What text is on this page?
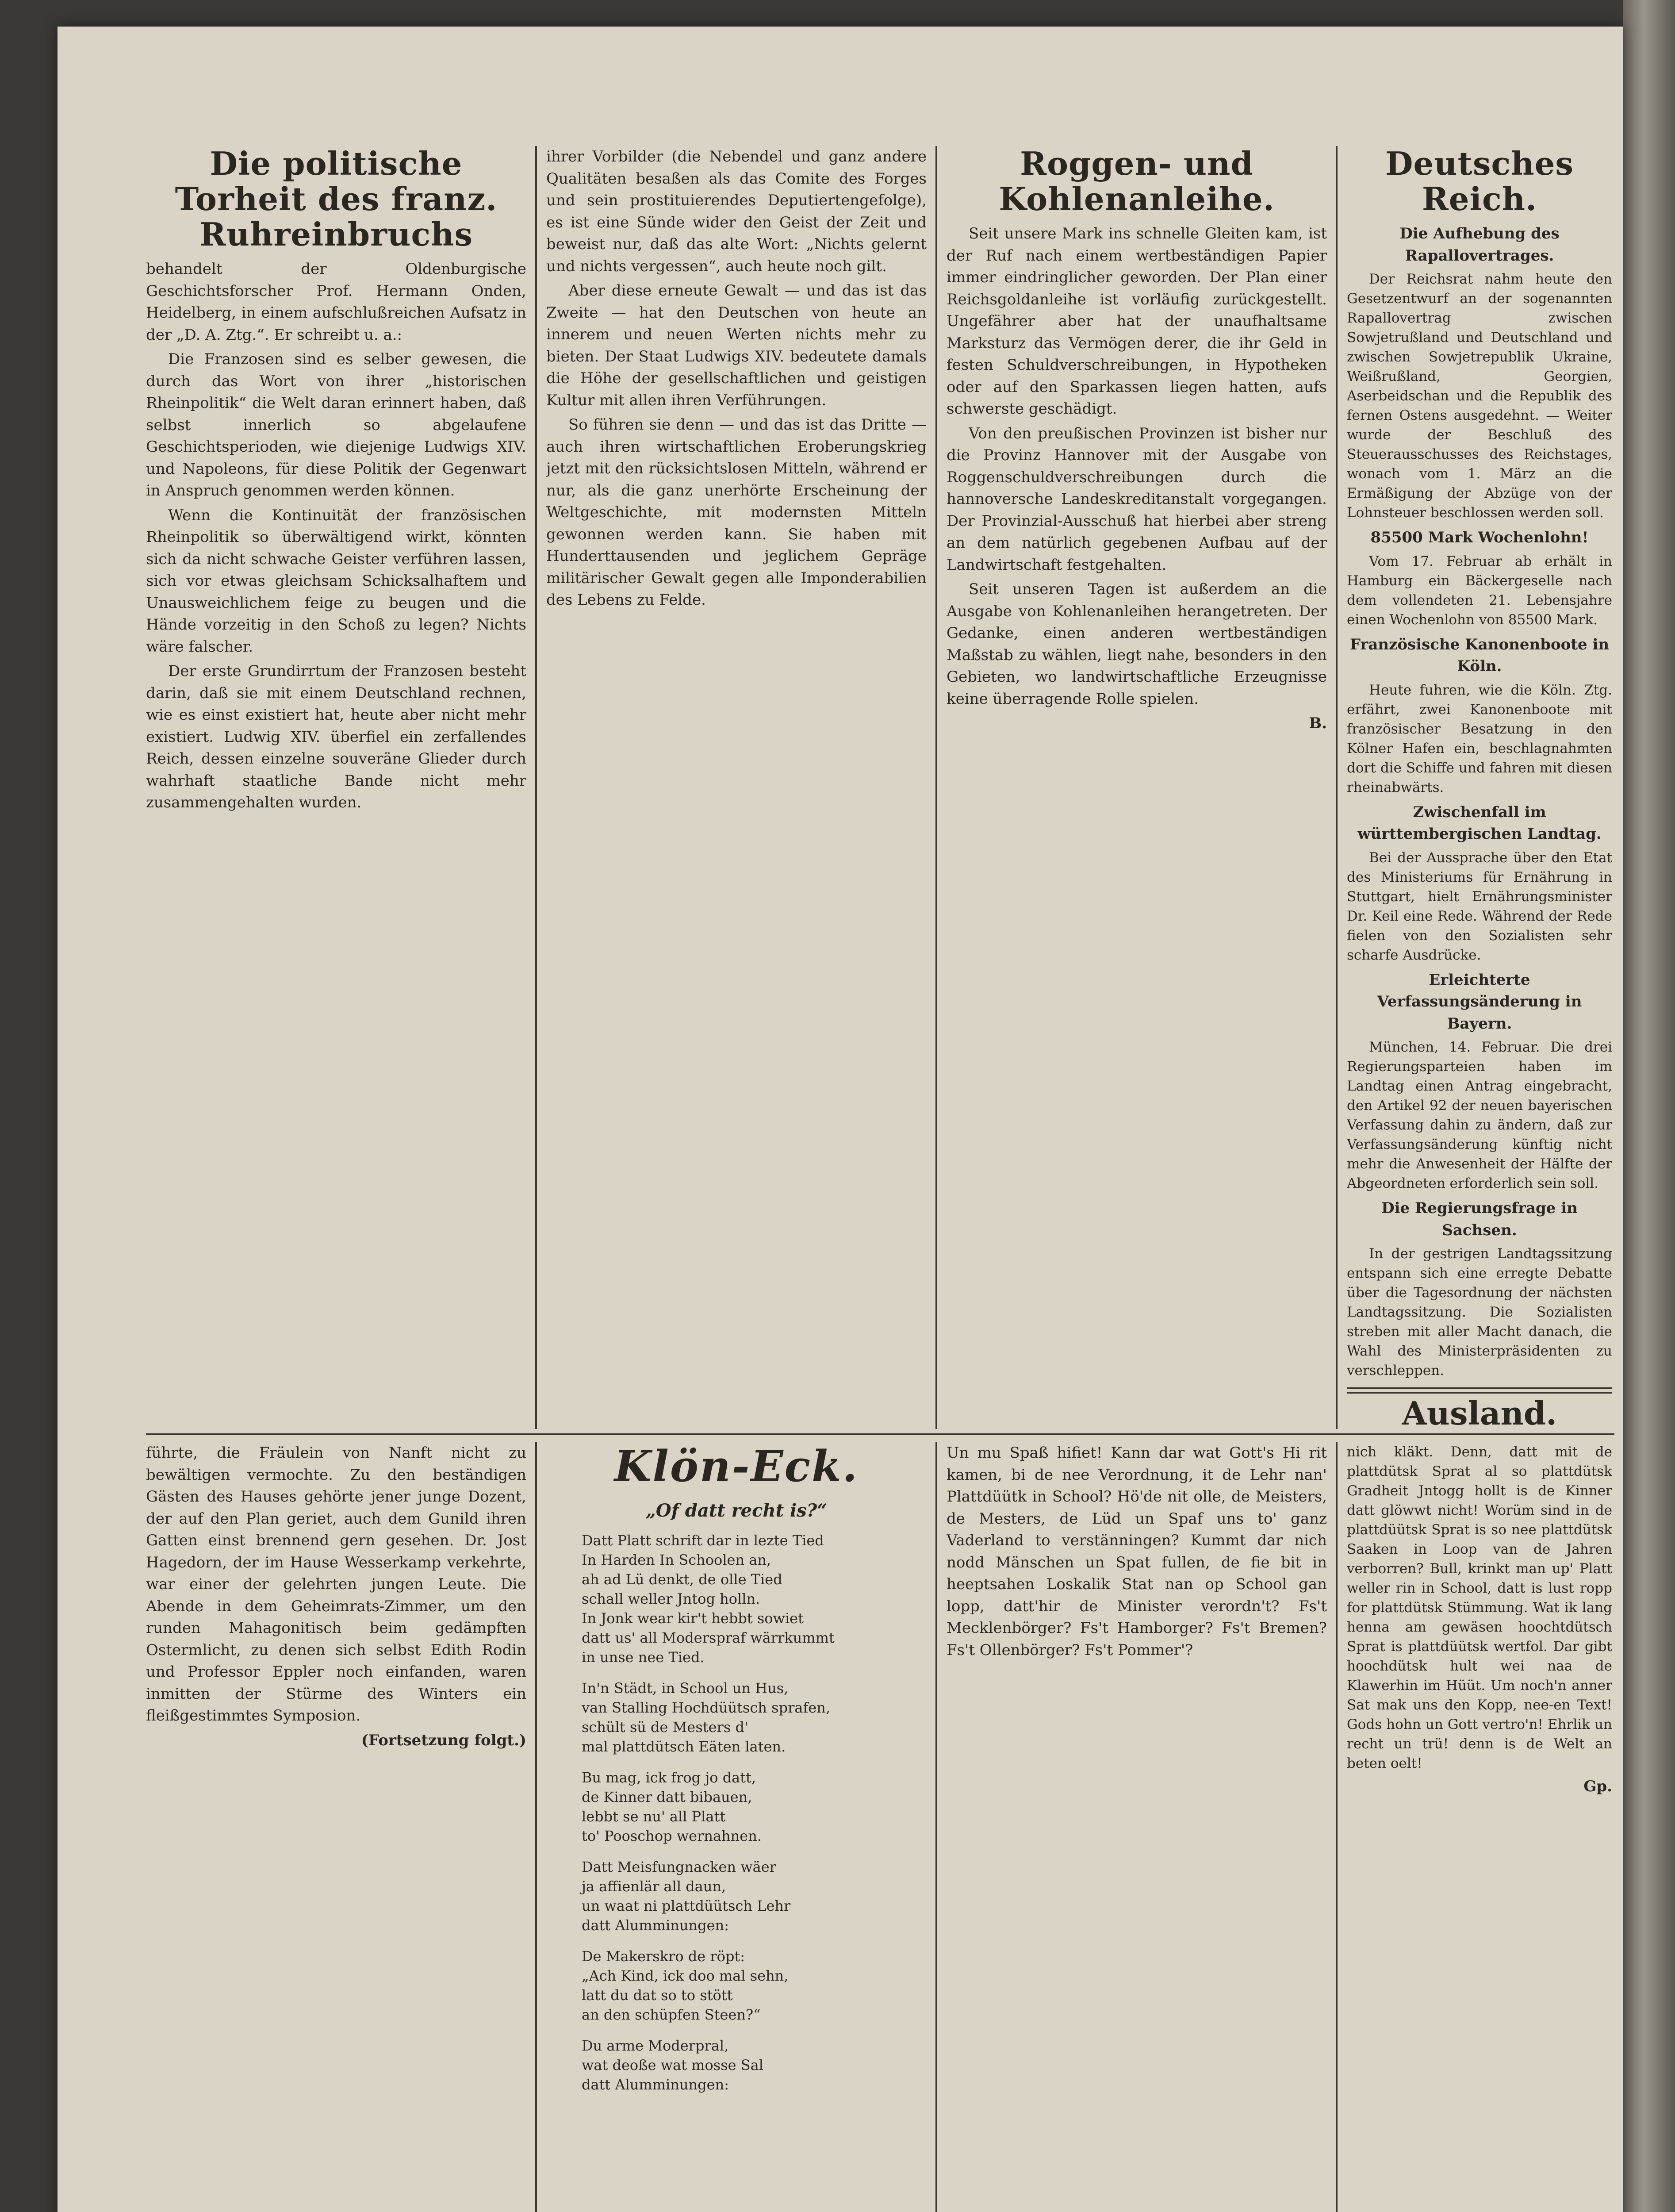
Die politische Torheit des franz. Ruhreinbruchs

behandelt der Oldenburgische Geschichtsforscher Prof. Hermann Onden, Heidelberg, in einem aufschlußreichen Aufsatz in der „D. A. Ztg.“. Er schreibt u. a.:

Die Franzosen sind es selber gewesen, die durch das Wort von ihrer „historischen Rheinpolitik“ die Welt daran erinnert haben, daß selbst innerlich so abgelaufene Geschichtsperioden, wie diejenige Ludwigs XIV. und Napoleons, für diese Politik der Gegenwart in Anspruch genommen werden können.

Wenn die Kontinuität der französischen Rheinpolitik so überwältigend wirkt, könnten sich da nicht schwache Geister verführen lassen, sich vor etwas gleichsam Schicksalhaftem und Unausweichlichem feige zu beugen und die Hände vorzeitig in den Schoß zu legen? Nichts wäre falscher.

Der erste Grundirrtum der Franzosen besteht darin, daß sie mit einem Deutschland rechnen, wie es einst existiert hat, heute aber nicht mehr existiert. Ludwig XIV. überfiel ein zerfallendes Reich, dessen einzelne souveräne Glieder durch wahrhaft staatliche Bande nicht mehr zusammengehalten wurden.

ihrer Vorbilder (die Nebendel und ganz andere Qualitäten besaßen als das Comite des Forges und sein prostituierendes Deputiertengefolge), es ist eine Sünde wider den Geist der Zeit und beweist nur, daß das alte Wort: „Nichts gelernt und nichts vergessen“, auch heute noch gilt.

Aber diese erneute Gewalt — und das ist das Zweite — hat den Deutschen von heute an innerem und neuen Werten nichts mehr zu bieten. Der Staat Ludwigs XIV. bedeutete damals die Höhe der gesellschaftlichen und geistigen Kultur mit allen ihren Verführungen.

So führen sie denn — und das ist das Dritte — auch ihren wirtschaftlichen Eroberungskrieg jetzt mit den rücksichtslosen Mitteln, während er nur, als die ganz unerhörte Erscheinung der Weltgeschichte, mit modernsten Mitteln gewonnen werden kann. Sie haben mit Hunderttausenden und jeglichem Gepräge militärischer Gewalt gegen alle Imponderabilien des Lebens zu Felde.

Roggen- und Kohlenanleihe.

Seit unsere Mark ins schnelle Gleiten kam, ist der Ruf nach einem wertbeständigen Papier immer eindringlicher geworden. Der Plan einer Reichsgoldanleihe ist vorläufig zurückgestellt. Ungefährer aber hat der unaufhaltsame Marksturz das Vermögen derer, die ihr Geld in festen Schuldverschreibungen, in Hypotheken oder auf den Sparkassen liegen hatten, aufs schwerste geschädigt.

Von den preußischen Provinzen ist bisher nur die Provinz Hannover mit der Ausgabe von Roggenschuldverschreibungen durch die hannoversche Landeskreditanstalt vorgegangen. Der Provinzial-Ausschuß hat hierbei aber streng an dem natürlich gegebenen Aufbau auf der Landwirtschaft festgehalten.

Seit unseren Tagen ist außerdem an die Ausgabe von Kohlenanleihen herangetreten. Der Gedanke, einen anderen wertbeständigen Maßstab zu wählen, liegt nahe, besonders in den Gebieten, wo landwirtschaftliche Erzeugnisse keine überragende Rolle spielen.

B.
Deutsches Reich.
Die Aufhebung des Rapallovertrages.

Der Reichsrat nahm heute den Gesetzentwurf an der sogenannten Rapallovertrag zwischen Sowjetrußland und Deutschland und zwischen Sowjetrepublik Ukraine, Weißrußland, Georgien, Aserbeidschan und die Republik des fernen Ostens ausgedehnt. — Weiter wurde der Beschluß des Steuerausschusses des Reichstages, wonach vom 1. März an die Ermäßigung der Abzüge von der Lohnsteuer beschlossen werden soll.

85500 Mark Wochenlohn!

Vom 17. Februar ab erhält in Hamburg ein Bäckergeselle nach dem vollendeten 21. Lebensjahre einen Wochenlohn von 85500 Mark.

Französische Kanonenboote in Köln.

Heute fuhren, wie die Köln. Ztg. erfährt, zwei Kanonenboote mit französischer Besatzung in den Kölner Hafen ein, beschlagnahmten dort die Schiffe und fahren mit diesen rheinabwärts.

Zwischenfall im württembergischen Landtag.

Bei der Aussprache über den Etat des Ministeriums für Ernährung in Stuttgart, hielt Ernährungsminister Dr. Keil eine Rede. Während der Rede fielen von den Sozialisten sehr scharfe Ausdrücke.

Erleichterte Verfassungsänderung in Bayern.

München, 14. Februar. Die drei Regierungsparteien haben im Landtag einen Antrag eingebracht, den Artikel 92 der neuen bayerischen Verfassung dahin zu ändern, daß zur Verfassungsänderung künftig nicht mehr die Anwesenheit der Hälfte der Abgeordneten erforderlich sein soll.

Die Regierungsfrage in Sachsen.

In der gestrigen Landtagssitzung entspann sich eine erregte Debatte über die Tagesordnung der nächsten Landtagssitzung. Die Sozialisten streben mit aller Macht danach, die Wahl des Ministerpräsidenten zu verschleppen.

Ausland.

führte, die Fräulein von Nanft nicht zu bewältigen vermochte. Zu den beständigen Gästen des Hauses gehörte jener junge Dozent, der auf den Plan geriet, auch dem Gunild ihren Gatten einst brennend gern gesehen. Dr. Jost Hagedorn, der im Hause Wesserkamp verkehrte, war einer der gelehrten jungen Leute. Die Abende in dem Geheimrats-Zimmer, um den runden Mahagonitisch beim gedämpften Ostermlicht, zu denen sich selbst Edith Rodin und Professor Eppler noch einfanden, waren inmitten der Stürme des Winters ein fleißgestimmtes Symposion.

(Fortsetzung folgt.)
Klön-Eck.
„Of datt recht is?“

Datt Platt schrift dar in lezte Tied
In Harden In Schoolen an,
ah ad Lü denkt, de olle Tied
schall weller Jntog holln.
In Jonk wear kir't hebbt sowiet
datt us' all Moderspraf wärrkummt
in unse nee Tied.

In'n Städt, in School un Hus,
van Stalling Hochdüütsch sprafen,
schült sü de Mesters d'
mal plattdütsch Eäten laten.

Bu mag, ick frog jo datt,
de Kinner datt bibauen,
lebbt se nu' all Platt
to' Pooschop wernahnen.

Datt Meisfungnacken wäer
ja affienlär all daun,
un waat ni plattdüütsch Lehr
datt Alumminungen:

De Makerskro de röpt:
„Ach Kind, ick doo mal sehn,
latt du dat so to stött
an den schüpfen Steen?“

Du arme Moderpral,
wat deoße wat mosse Sal
datt Alumminungen:

Un mu Spaß hifiet! Kann dar wat Gott's Hi rit kamen, bi de nee Verordnung, it de Lehr nan' Plattdüütk in School? Hö'de nit olle, de Meisters, de Mesters, de Lüd un Spaf uns to' ganz Vaderland to verstänningen? Kummt dar nich nodd Mänschen un Spat fullen, de fie bit in heeptsahen Loskalik Stat nan op School gan lopp, datt'hir de Minister verordn't? Fs't Mecklenbörger? Fs't Hamborger? Fs't Bremen? Fs't Ollenbörger? Fs't Pommer'?

nich kläkt. Denn, datt mit de plattdütsk Sprat al so plattdütsk Gradheit Jntogg hollt is de Kinner datt glöwwt nicht! Worüm sind in de plattdüütsk Sprat is so nee plattdütsk Saaken in Loop van de Jahren verborren? Bull, krinkt man up' Platt weller rin in School, datt is lust ropp for plattdütsk Stümmung. Wat ik lang henna am gewäsen hoochtdütsch Sprat is plattdüütsk wertfol. Dar gibt hoochdütsk hult wei naa de Klawerhin im Hüüt. Um noch'n anner Sat mak uns den Kopp, nee-en Text! Gods hohn un Gott vertro'n! Ehrlik un recht un trü! denn is de Welt an beten oelt!

Gp.
